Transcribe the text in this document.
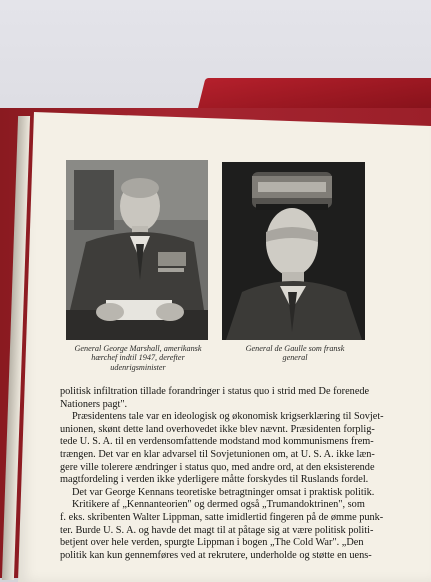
General George Marshall, amerikansk
hærchef indtil 1947, derefter
udenrigsminister
General de Gaulle som fransk
general
politisk infiltration tillade forandringer i status quo i strid med De forenede
Nationers pagt".
Præsidentens tale var en ideologisk og økonomisk krigserklæring til Sovjet-
unionen, skønt dette land overhovedet ikke blev nævnt. Præsidenten forplig-
tede U. S. A. til en verdensomfattende modstand mod kommunismens frem-
trængen. Det var en klar advarsel til Sovjetunionen om, at U. S. A. ikke læn-
gere ville tolerere ændringer i status quo, med andre ord, at den eksisterende
magtfordeling i verden ikke yderligere måtte forskydes til Ruslands fordel.
Det var George Kennans teoretiske betragtninger omsat i praktisk politik.
Kritikere af „Kennanteorien" og dermed også „Trumandoktrinen", som
f. eks. skribenten Walter Lippman, satte imidlertid fingeren på de ømme punk-
ter. Burde U. S. A. og havde det magt til at påtage sig at være politisk politi-
betjent over hele verden, spurgte Lippman i bogen „The Cold War". „Den
politik kan kun gennemføres ved at rekrutere, underholde og støtte en uens-
